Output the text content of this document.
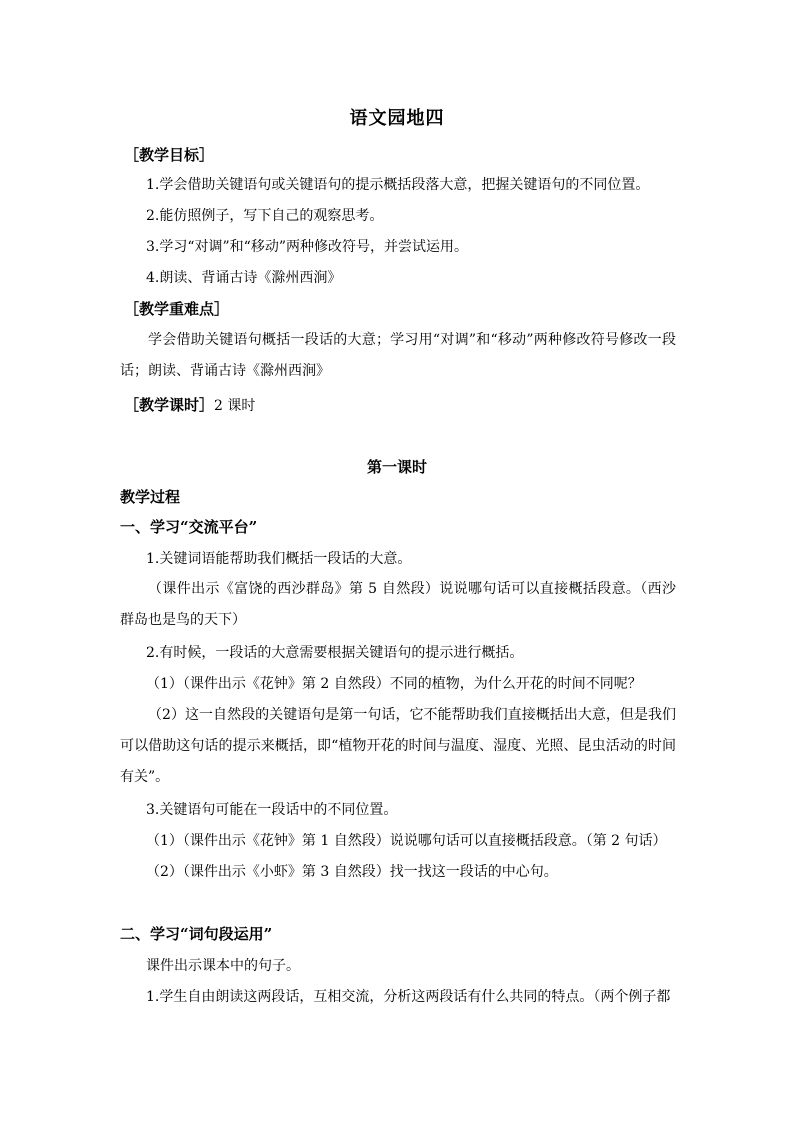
语文园地四
［教学目标］
1.学会借助关键语句或关键语句的提示概括段落大意，把握关键语句的不同位置。
2.能仿照例子，写下自己的观察思考。
3.学习“对调”和“移动”两种修改符号，并尝试运用。
4.朗读、背诵古诗《滁州西涧》
［教学重难点］
学会借助关键语句概括一段话的大意；学习用“对调”和“移动”两种修改符号修改一段话；朗读、背诵古诗《滁州西涧》
［教学课时］2 课时
第一课时
教学过程
一、学习“交流平台”
1.关键词语能帮助我们概括一段话的大意。
（课件出示《富饶的西沙群岛》第 5 自然段）说说哪句话可以直接概括段意。（西沙群岛也是鸟的天下）
2.有时候，一段话的大意需要根据关键语句的提示进行概括。
（1）（课件出示《花钟》第 2 自然段）不同的植物，为什么开花的时间不同呢？
（2）这一自然段的关键语句是第一句话，它不能帮助我们直接概括出大意，但是我们可以借助这句话的提示来概括，即“植物开花的时间与温度、湿度、光照、昆虫活动的时间有关”。
3.关键语句可能在一段话中的不同位置。
（1）（课件出示《花钟》第 1 自然段）说说哪句话可以直接概括段意。（第 2 句话）
（2）（课件出示《小虾》第 3 自然段）找一找这一段话的中心句。
二、学习“词句段运用”
课件出示课本中的句子。
1.学生自由朗读这两段话，互相交流，分析这两段话有什么共同的特点。（两个例子都
